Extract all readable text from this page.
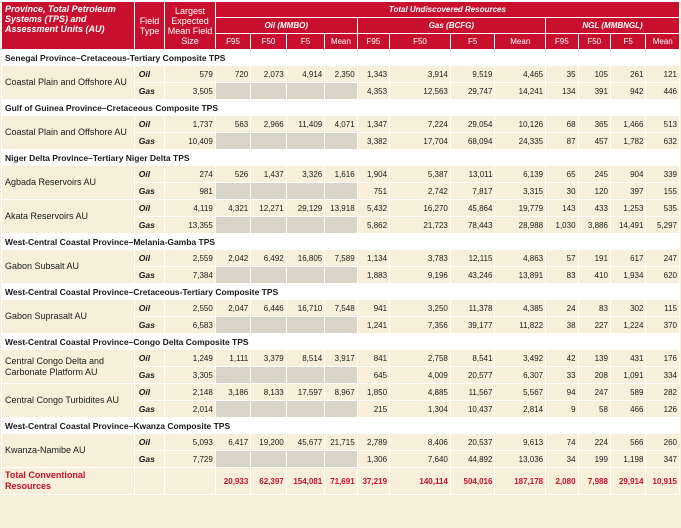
Province, Total Petroleum Systems (TPS) and Assessment Units (AU)	Field Type	Largest Expected Mean Field Size	Total Undiscovered Resources											
			Oil (MMBO)				Gas (BCFG)				NGL (MMBNGL)			
			F95	F50	F5	Mean	F95	F50	F5	Mean	F95	F50	F5	Mean
Senegal Province–Cretaceous-Tertiary Composite TPS														
Coastal Plain and Offshore AU	Oil	579	720	2,073	4,914	2,350	1,343	3,914	9,519	4,465	35	105	261	121
	Gas	3,505					4,353	12,563	29,747	14,241	134	391	942	446
Gulf of Guinea Province–Cretaceous Composite TPS														
Coastal Plain and Offshore AU	Oil	1,737	563	2,966	11,409	4,071	1,347	7,224	29,054	10,126	68	365	1,466	513
	Gas	10,409					3,382	17,704	68,094	24,335	87	457	1,782	632
Niger Delta Province–Tertiary Niger Delta TPS														
Agbada Reservoirs AU	Oil	274	526	1,437	3,326	1,616	1,904	5,387	13,011	6,139	65	245	904	339
	Gas	981					751	2,742	7,817	3,315	30	120	397	155
Akata Reservoirs AU	Oil	4,119	4,321	12,271	29,129	13,918	5,432	16,270	45,864	19,779	143	433	1,253	535
	Gas	13,355					5,862	21,723	78,443	28,988	1,030	3,886	14,491	5,297
West-Central Coastal Province–Melania-Gamba TPS														
Gabon Subsalt AU	Oil	2,559	2,042	6,492	16,805	7,589	1,134	3,783	12,115	4,863	57	191	617	247
	Gas	7,384					1,883	9,196	43,246	13,891	83	410	1,934	620
West-Central Coastal Province–Cretaceous-Tertiary Composite TPS														
Gabon Suprasalt AU	Oil	2,550	2,047	6,446	16,710	7,548	941	3,250	11,378	4,385	24	83	302	115
	Gas	6,583					1,241	7,356	39,177	11,822	38	227	1,224	370
West-Central Coastal Province–Congo Delta Composite TPS														
Central Congo Delta and Carbonate Platform AU	Oil	1,249	1,111	3,379	8,514	3,917	841	2,758	8,541	3,492	42	139	431	176
	Gas	3,305					645	4,009	20,577	6,307	33	208	1,091	334
Central Congo Turbidites AU	Oil	2,148	3,186	8,133	17,597	8,967	1,850	4,885	11,567	5,567	94	247	589	282
	Gas	2,014					215	1,304	10,437	2,814	9	58	466	126
West-Central Coastal Province–Kwanza Composite TPS														
Kwanza-Namibe AU	Oil	5,093	6,417	19,200	45,677	21,715	2,789	8,406	20,537	9,613	74	224	566	260
	Gas	7,729					1,306	7,640	44,892	13,036	34	199	1,198	347
Total Conventional Resources			20,933	62,397	154,081	71,691	37,219	140,114	504,016	187,178	2,080	7,988	29,914	10,915
